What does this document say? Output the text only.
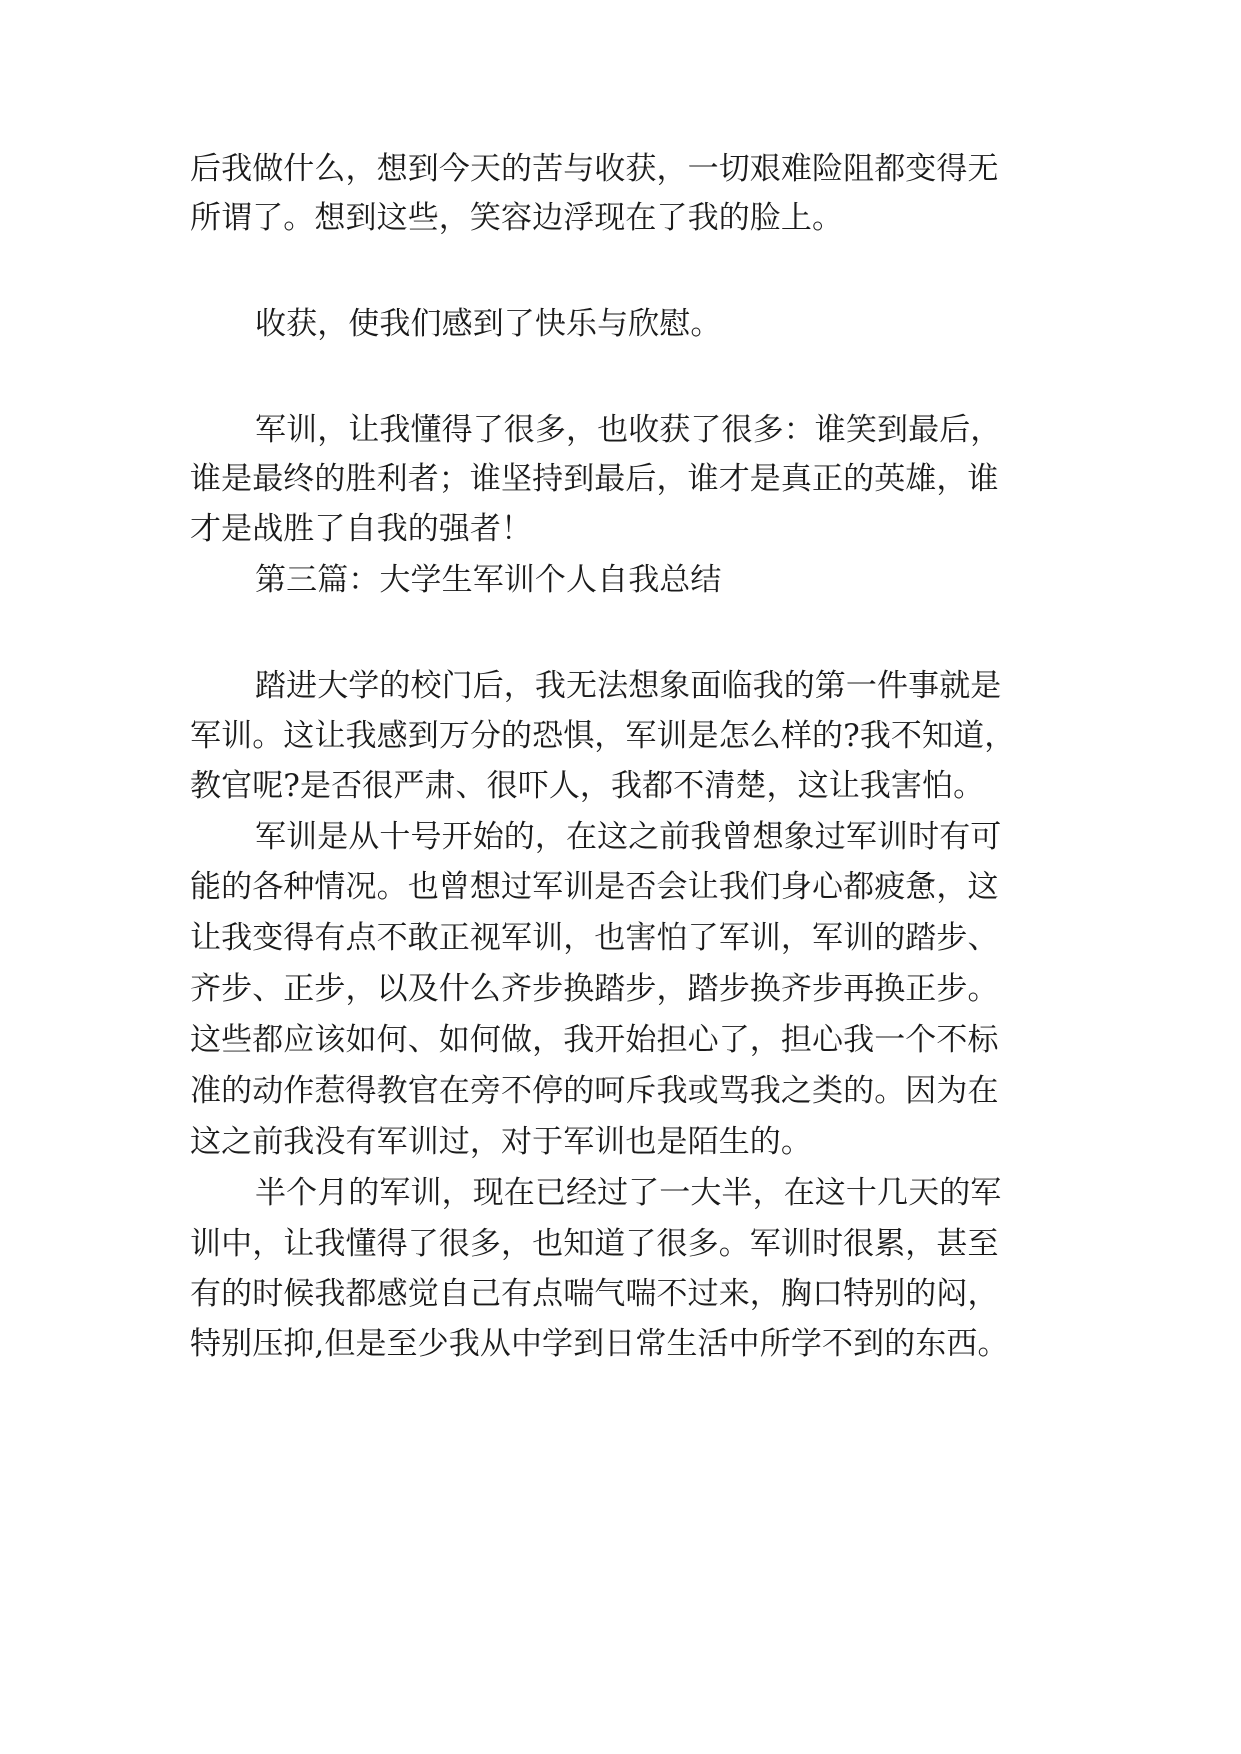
后我做什么，想到今天的苦与收获，一切艰难险阻都变得无
所谓了。想到这些，笑容边浮现在了我的脸上。
收获，使我们感到了快乐与欣慰。
军训，让我懂得了很多，也收获了很多：谁笑到最后，
谁是最终的胜利者；谁坚持到最后，谁才是真正的英雄，谁
才是战胜了自我的强者！
第三篇：大学生军训个人自我总结
踏进大学的校门后，我无法想象面临我的第一件事就是
军训。这让我感到万分的恐惧，军训是怎么样的?我不知道，
教官呢?是否很严肃、很吓人，我都不清楚，这让我害怕。
军训是从十号开始的，在这之前我曾想象过军训时有可
能的各种情况。也曾想过军训是否会让我们身心都疲惫，这
让我变得有点不敢正视军训，也害怕了军训，军训的踏步、
齐步、正步，以及什么齐步换踏步，踏步换齐步再换正步。
这些都应该如何、如何做，我开始担心了，担心我一个不标
准的动作惹得教官在旁不停的呵斥我或骂我之类的。因为在
这之前我没有军训过，对于军训也是陌生的。
半个月的军训，现在已经过了一大半，在这十几天的军
训中，让我懂得了很多，也知道了很多。军训时很累，甚至
有的时候我都感觉自己有点喘气喘不过来，胸口特别的闷，
特别压抑,但是至少我从中学到日常生活中所学不到的东西。
